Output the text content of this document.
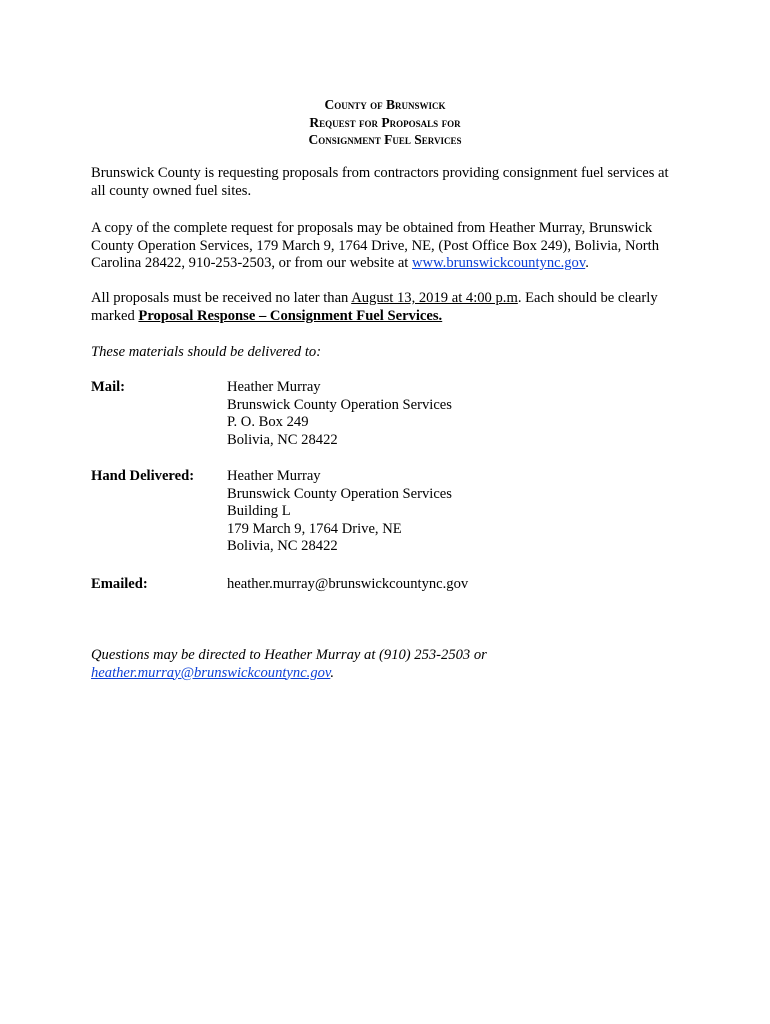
County of Brunswick
Request for Proposals for
Consignment Fuel Services
Brunswick County is requesting proposals from contractors providing consignment fuel services at all county owned fuel sites.
A copy of the complete request for proposals may be obtained from Heather Murray, Brunswick County Operation Services, 179 March 9, 1764 Drive, NE, (Post Office Box 249), Bolivia, North Carolina 28422, 910-253-2503, or from our website at www.brunswickcountync.gov.
All proposals must be received no later than August 13, 2019 at 4:00 p.m. Each should be clearly marked Proposal Response – Consignment Fuel Services.
These materials should be delivered to:
Mail:	Heather Murray
Brunswick County Operation Services
P. O. Box 249
Bolivia, NC 28422
Hand Delivered: Heather Murray
Brunswick County Operation Services
Building L
179 March 9, 1764 Drive, NE
Bolivia, NC 28422
Emailed:	heather.murray@brunswickcountync.gov
Questions may be directed to Heather Murray at (910) 253-2503 or heather.murray@brunswickcountync.gov.
